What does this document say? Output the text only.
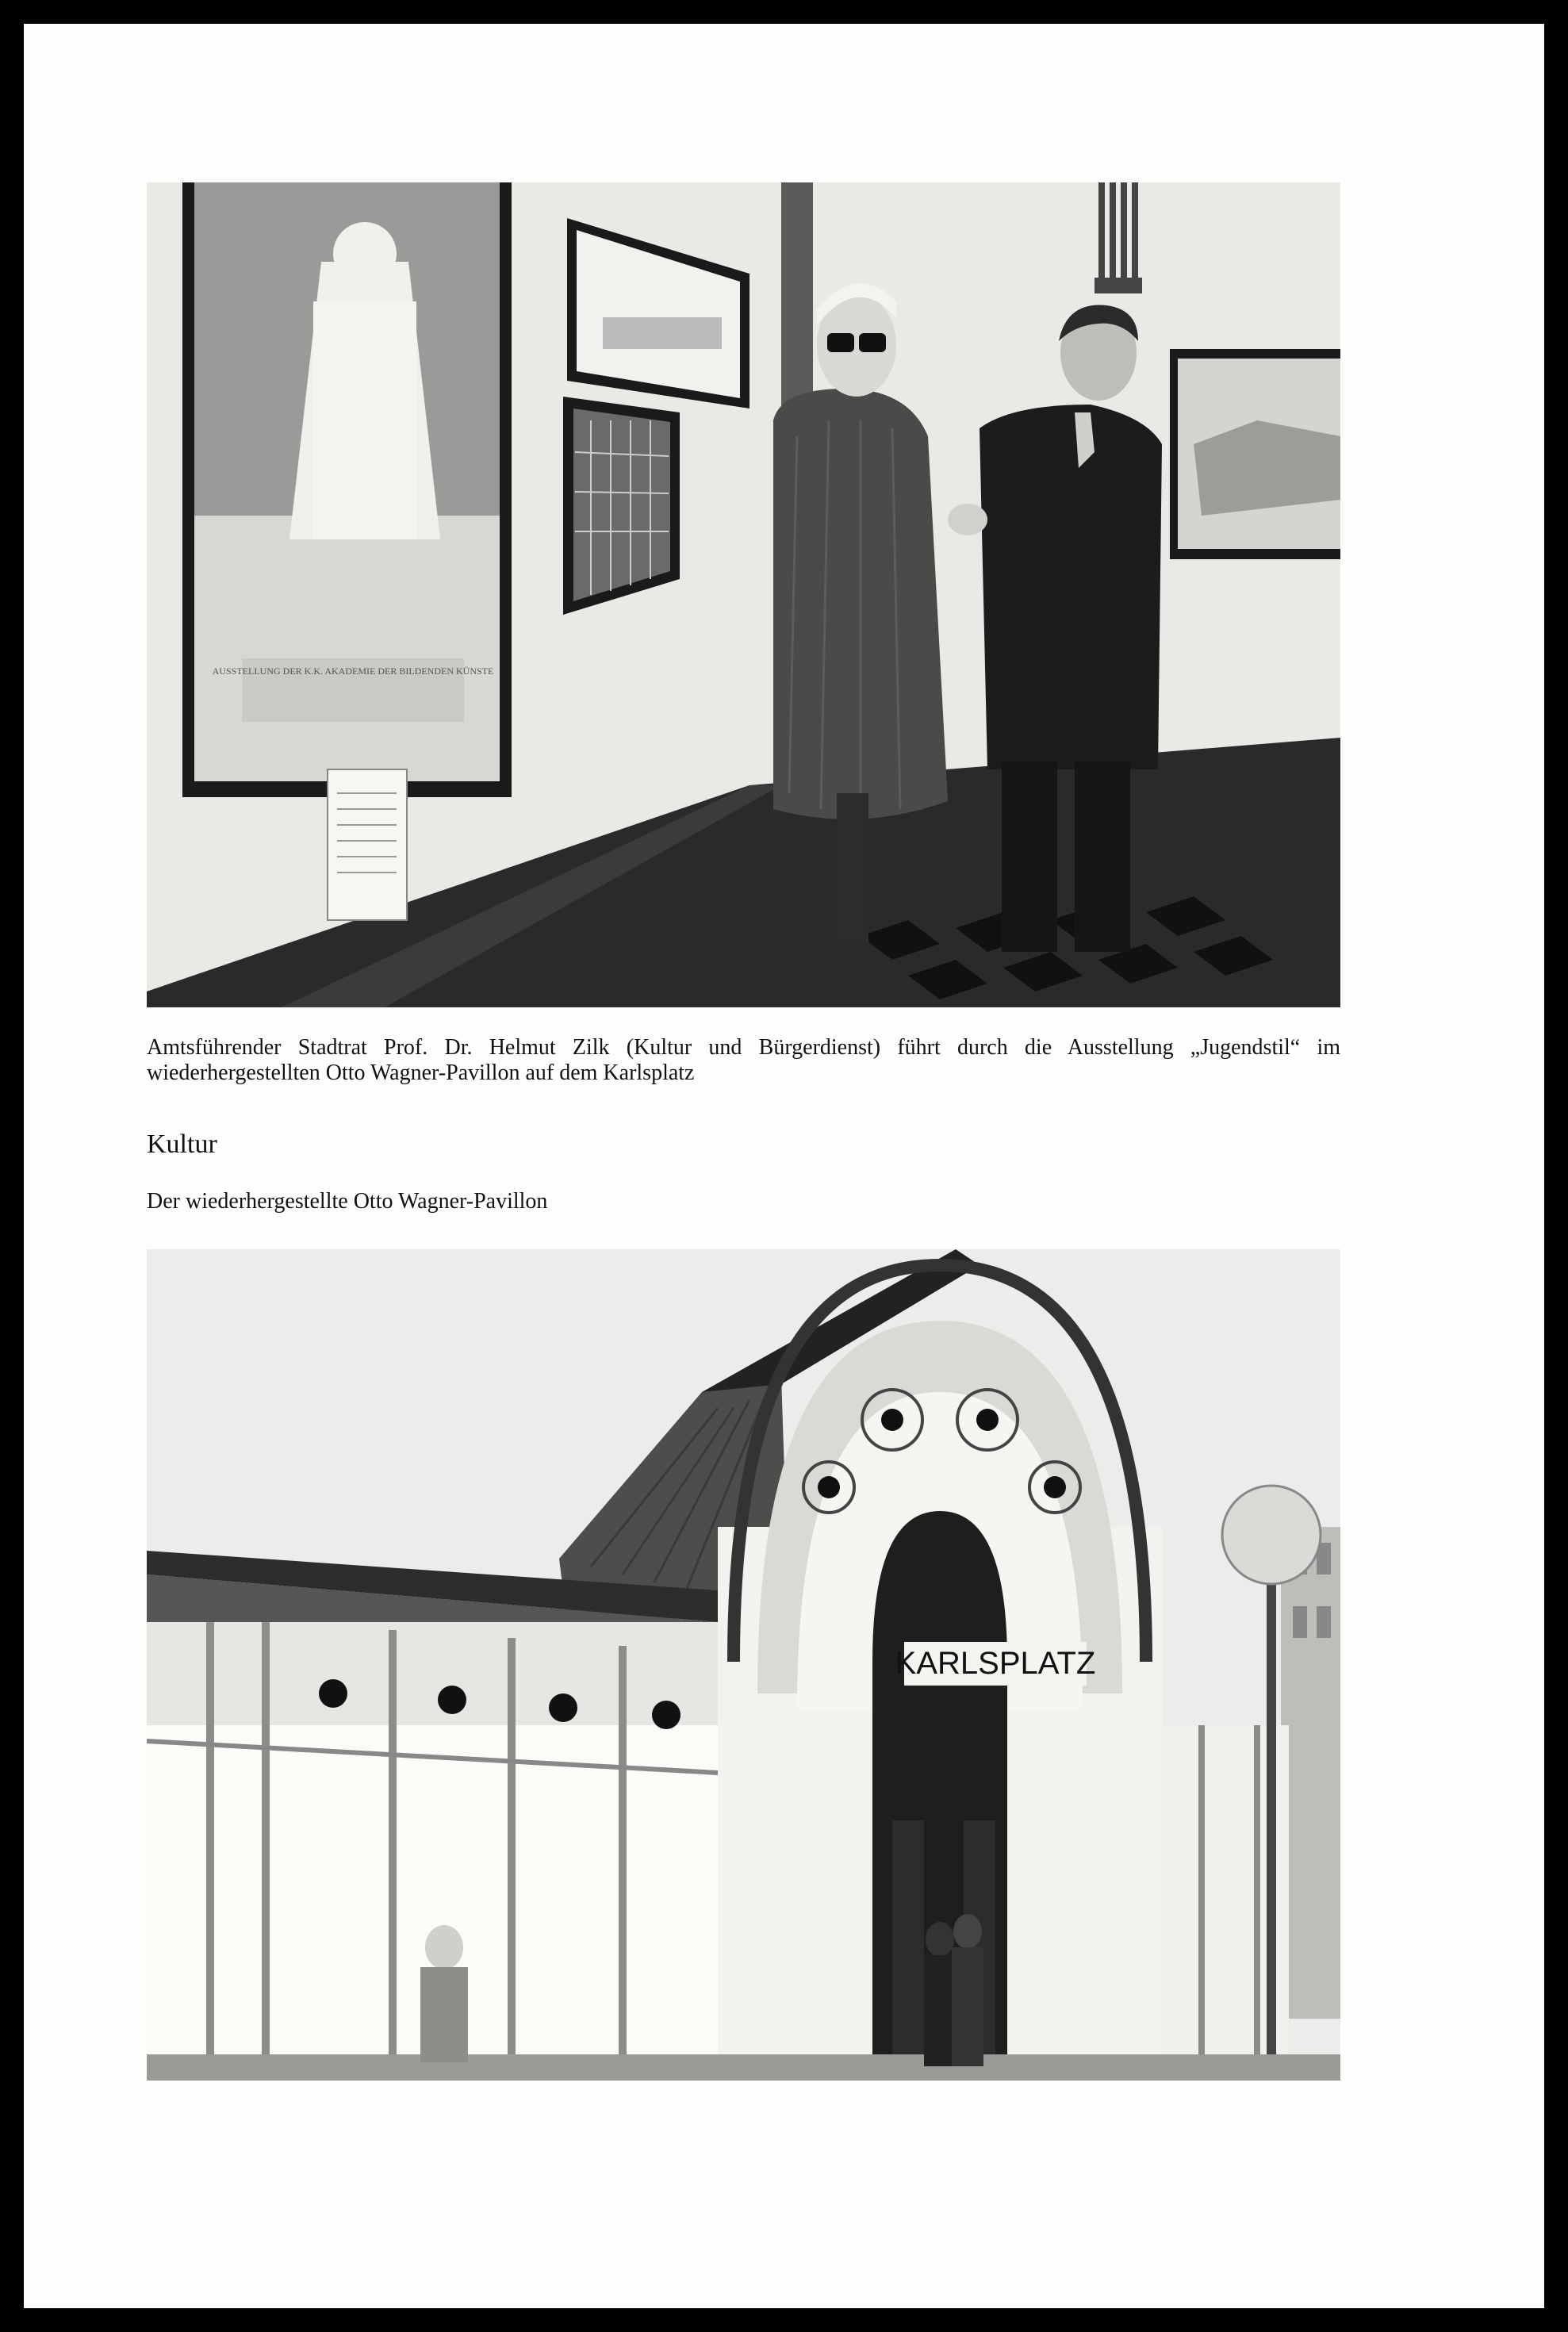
AUSSTELLUNG DER K.K. AKADEMIE DER BILDENDEN KÜNSTE
Amtsführender Stadtrat Prof. Dr. Helmut Zilk (Kultur und Bürgerdienst) führt durch die Ausstellung „Jugendstil“ im wiederhergestellten Otto Wagner-Pavillon auf dem Karlsplatz
Kultur
Der wiederhergestellte Otto Wagner-Pavillon
KARLSPLATZ
